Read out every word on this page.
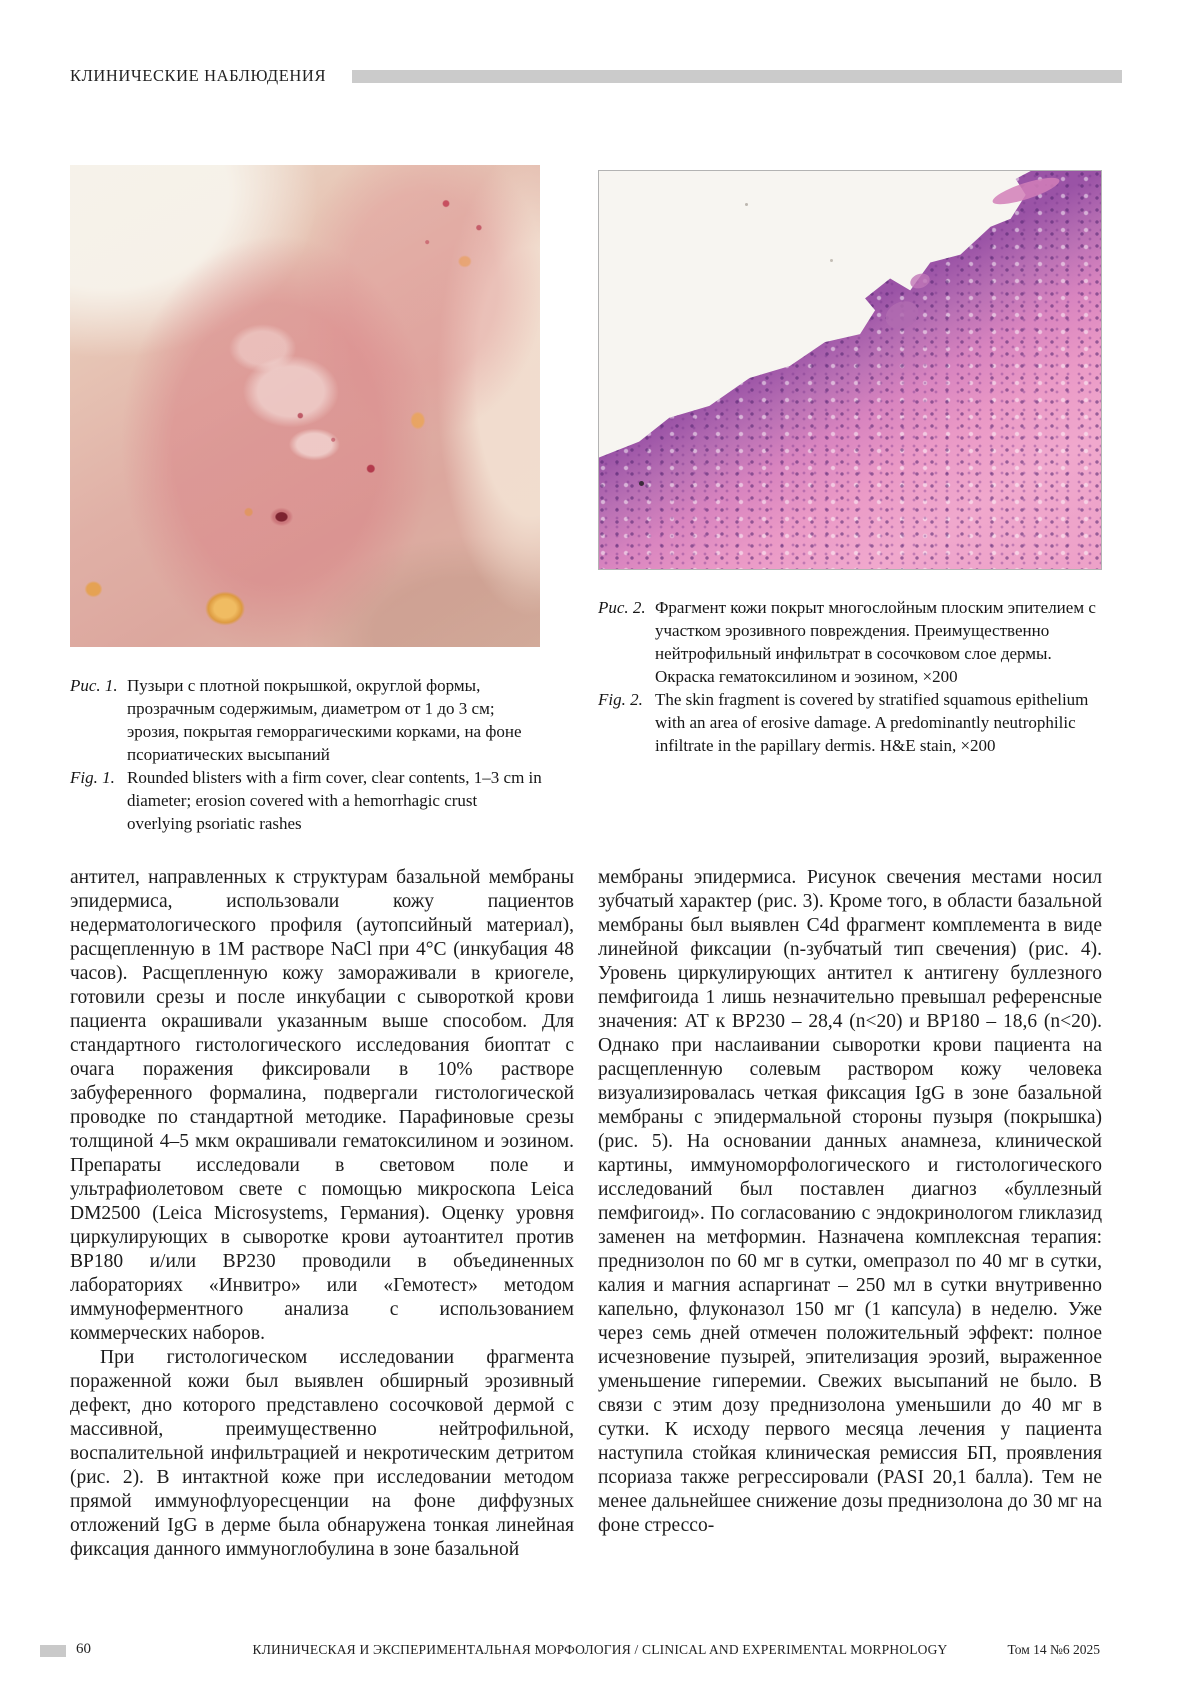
КЛИНИЧЕСКИЕ НАБЛЮДЕНИЯ
Рис. 1. Пузыри с плотной покрышкой, округлой формы, прозрачным содержимым, диаметром от 1 до 3 см; эрозия, покрытая геморрагическими корками, на фоне псориатических высыпаний
Fig. 1. Rounded blisters with a firm cover, clear contents, 1–3 cm in diameter; erosion covered with a hemorrhagic crust overlying psoriatic rashes
Рис. 2. Фрагмент кожи покрыт многослойным плоским эпителием с участком эрозивного повреждения. Преимущественно нейтрофильный инфильтрат в сосочковом слое дермы. Окраска гематоксилином и эозином, ×200
Fig. 2. The skin fragment is covered by stratified squamous epithelium with an area of erosive damage. A predominantly neutrophilic infiltrate in the papillary dermis. H&E stain, ×200

антител, направленных к структурам базальной мембраны эпидермиса, использовали кожу пациентов недерматологического профиля (аутопсийный материал), расщепленную в 1М растворе NaCl при 4°С (инкубация 48 часов). Расщепленную кожу замораживали в криогеле, готовили срезы и после инкубации с сывороткой крови пациента окрашивали указанным выше способом. Для стандартного гистологического исследования биоптат с очага поражения фиксировали в 10% растворе забуференного формалина, подвергали гистологической проводке по стандартной методике. Парафиновые срезы толщиной 4–5 мкм окрашивали гематоксилином и эозином. Препараты исследовали в световом поле и ультрафиолетовом свете с помощью микроскопа Leica DM2500 (Leica Microsystems, Германия). Оценку уровня циркулирующих в сыворотке крови аутоантител против BP180 и/или BP230 проводили в объединенных лабораториях «Инвитро» или «Гемотест» методом иммуноферментного анализа с использованием коммерческих наборов.

При гистологическом исследовании фрагмента пораженной кожи был выявлен обширный эрозивный дефект, дно которого представлено сосочковой дермой с массивной, преимущественно нейтрофильной, воспалительной инфильтрацией и некротическим детритом (рис. 2). В интактной коже при исследовании методом прямой иммунофлуоресценции на фоне диффузных отложений IgG в дерме была обнаружена тонкая линейная фиксация данного иммуноглобулина в зоне базальной

мембраны эпидермиса. Рисунок свечения местами носил зубчатый характер (рис. 3). Кроме того, в области базальной мембраны был выявлен C4d фрагмент комплемента в виде линейной фиксации (n-зубчатый тип свечения) (рис. 4). Уровень циркулирующих антител к антигену буллезного пемфигоида 1 лишь незначительно превышал референсные значения: АТ к BP230 – 28,4 (n<20) и BP180 – 18,6 (n<20). Однако при наслаивании сыворотки крови пациента на расщепленную солевым раствором кожу человека визуализировалась четкая фиксация IgG в зоне базальной мембраны с эпидермальной стороны пузыря (покрышка) (рис. 5). На основании данных анамнеза, клинической картины, иммуноморфологического и гистологического исследований был поставлен диагноз «буллезный пемфигоид». По согласованию с эндокринологом гликлазид заменен на метформин. Назначена комплексная терапия: преднизолон по 60 мг в сутки, омепразол по 40 мг в сутки, калия и магния аспаргинат – 250 мл в сутки внутривенно капельно, флуконазол 150 мг (1 капсула) в неделю. Уже через семь дней отмечен положительный эффект: полное исчезновение пузырей, эпителизация эрозий, выраженное уменьшение гиперемии. Свежих высыпаний не было. В связи с этим дозу преднизолона уменьшили до 40 мг в сутки. К исходу первого месяца лечения у пациента наступила стойкая клиническая ремиссия БП, проявления псориаза также регрессировали (PASI 20,1 балла). Тем не менее дальнейшее снижение дозы преднизолона до 30 мг на фоне стрессо-

60	КЛИНИЧЕСКАЯ И ЭКСПЕРИМЕНТАЛЬНАЯ МОРФОЛОГИЯ / CLINICAL AND EXPERIMENTAL MORPHOLOGY	Том 14 №6 2025
